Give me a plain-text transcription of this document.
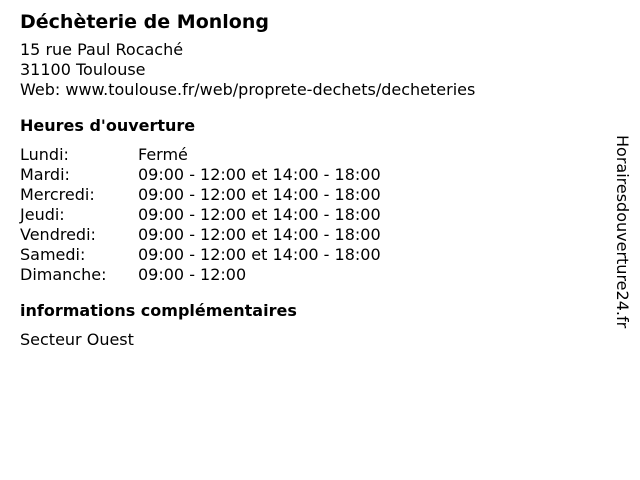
Déchèterie de Monlong
15 rue Paul Rocaché
31100 Toulouse
Web: www.toulouse.fr/web/proprete-dechets/decheteries
Heures d'ouverture
Lundi:	Fermé
Mardi:	09:00 - 12:00 et 14:00 - 18:00
Mercredi:	09:00 - 12:00 et 14:00 - 18:00
Jeudi:	09:00 - 12:00 et 14:00 - 18:00
Vendredi:	09:00 - 12:00 et 14:00 - 18:00
Samedi:	09:00 - 12:00 et 14:00 - 18:00
Dimanche:	09:00 - 12:00
informations complémentaires
Secteur Ouest
Horairesdouverture24.fr
